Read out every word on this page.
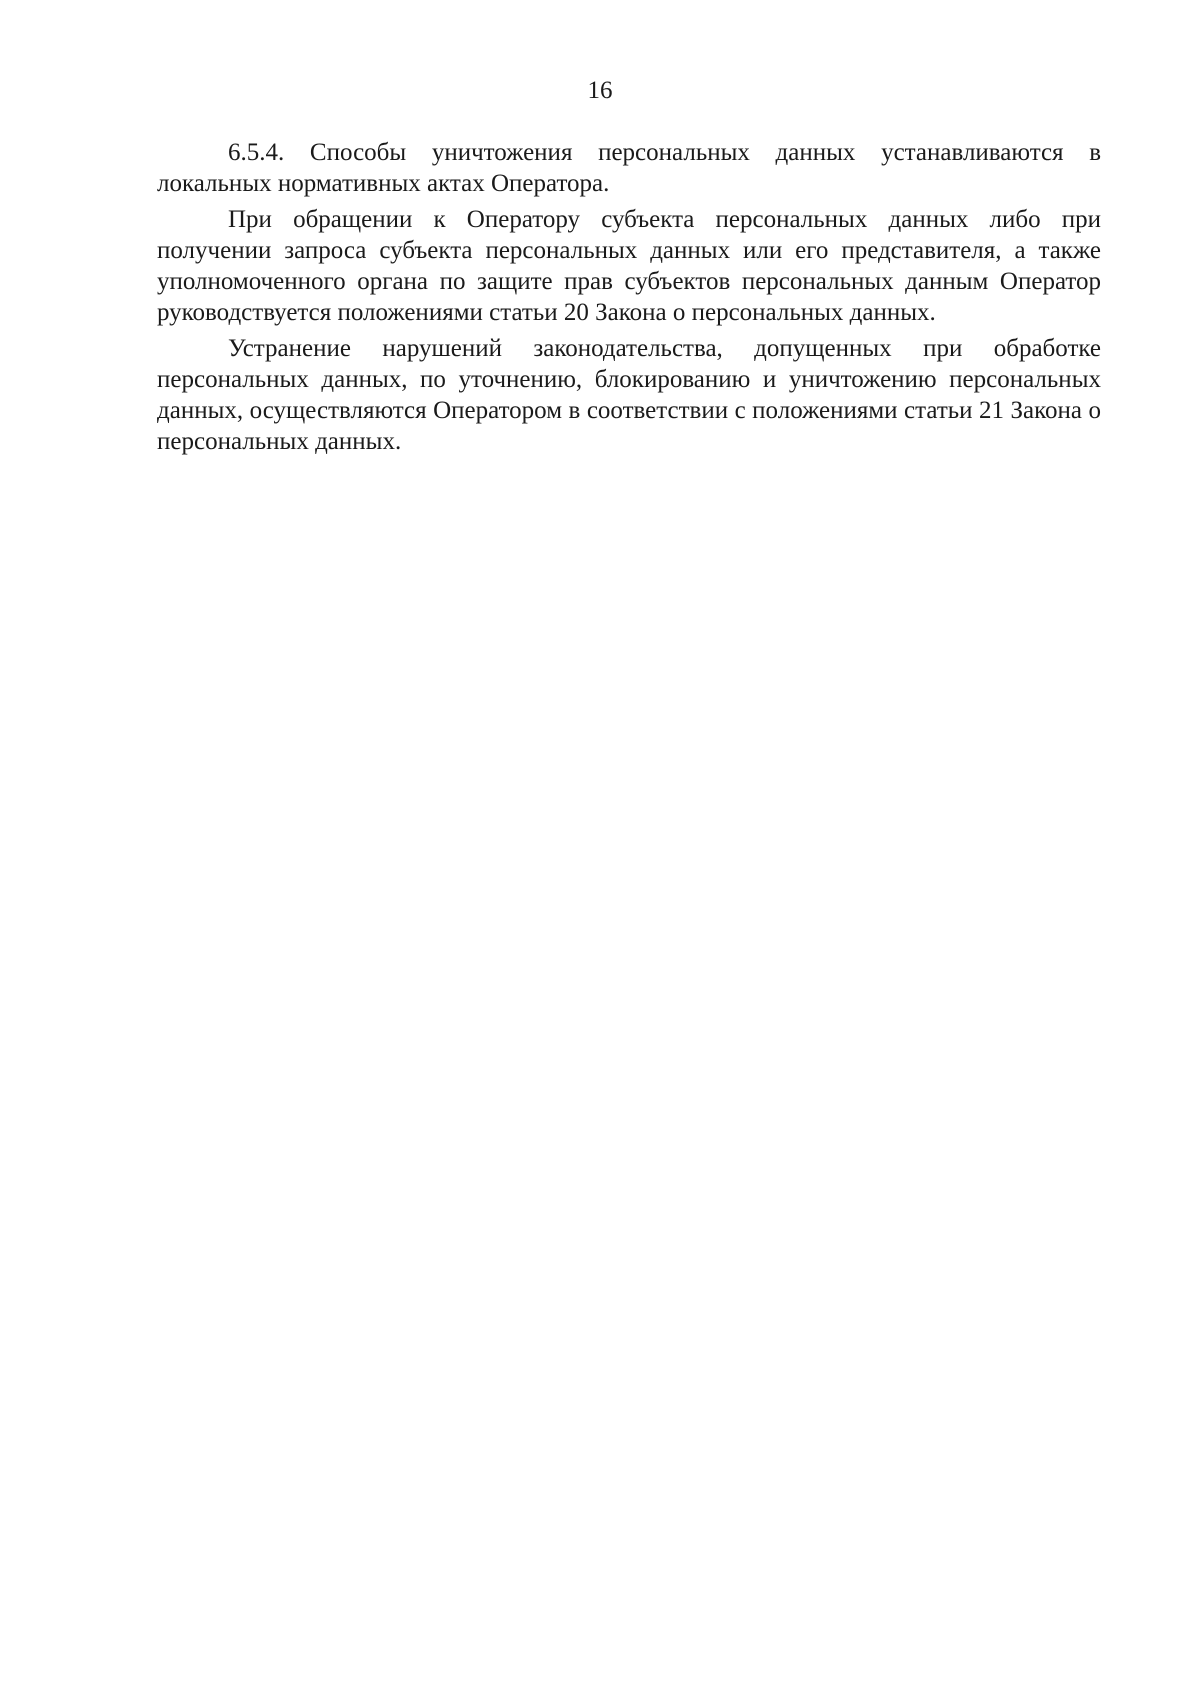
16

6.5.4. Способы уничтожения персональных данных устанавливаются в локальных нормативных актах Оператора.

При обращении к Оператору субъекта персональных данных либо при получении запроса субъекта персональных данных или его представителя, а также уполномоченного органа по защите прав субъектов персональных данным Оператор руководствуется положениями статьи 20 Закона о персональных данных.

Устранение нарушений законодательства, допущенных при обработке персональных данных, по уточнению, блокированию и уничтожению персональных данных, осуществляются Оператором в соответствии с положениями статьи 21 Закона о персональных данных.
